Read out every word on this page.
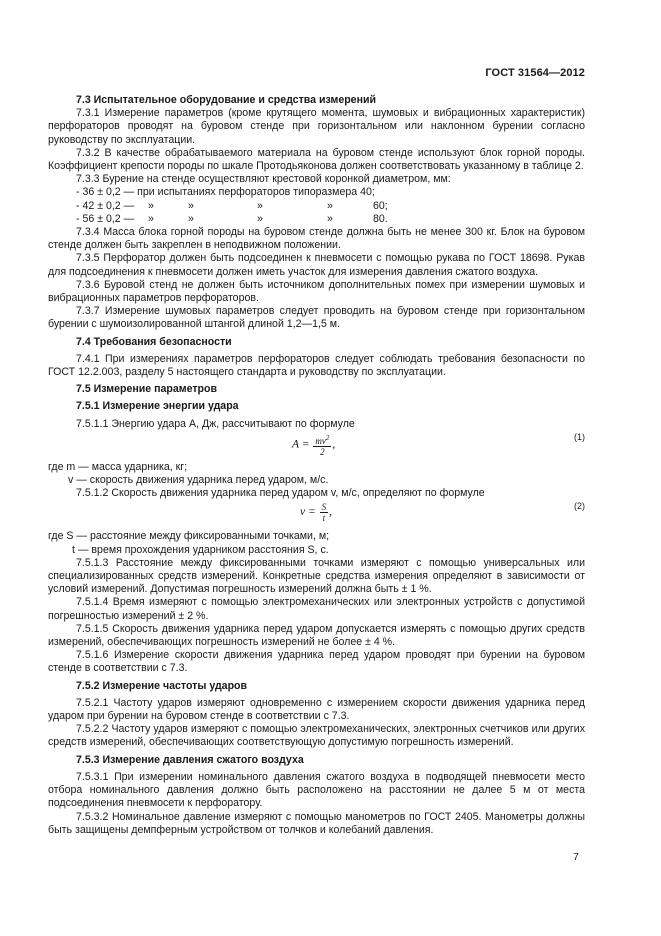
ГОСТ 31564—2012

7.3 Испытательное оборудование и средства измерений

7.3.1 Измерение параметров (кроме крутящего момента, шумовых и вибрационных характеристик) перфораторов проводят на буровом стенде при горизонтальном или наклонном бурении согласно руководству по эксплуатации.

7.3.2 В качестве обрабатываемого материала на буровом стенде используют блок горной породы. Коэффициент крепости породы по шкале Протодьяконова должен соответствовать указанному в таблице 2.

7.3.3 Бурение на стенде осуществляют крестовой коронкой диаметром, мм:

- 36 ± 0,2 — при испытаниях перфораторов типоразмера 40;
- 42 ± 0,2 — »	»	»	»	60;
- 56 ± 0,2 — »	»	»	»	80.

7.3.4 Масса блока горной породы на буровом стенде должна быть не менее 300 кг. Блок на буровом стенде должен быть закреплен в неподвижном положении.

7.3.5 Перфоратор должен быть подсоединен к пневмосети с помощью рукава по ГОСТ 18698. Рукав для подсоединения к пневмосети должен иметь участок для измерения давления сжатого воздуха.

7.3.6 Буровой стенд не должен быть источником дополнительных помех при измерении шумовых и вибрационных параметров перфораторов.

7.3.7 Измерение шумовых параметров следует проводить на буровом стенде при горизонтальном бурении с шумоизолированной штангой длиной 1,2—1,5 м.

7.4 Требования безопасности

7.4.1 При измерениях параметров перфораторов следует соблюдать требования безопасности по ГОСТ 12.2.003, разделу 5 настоящего стандарта и руководству по эксплуатации.

7.5 Измерение параметров

7.5.1 Измерение энергии удара

7.5.1.1 Энергию удара A, Дж, рассчитывают по формуле

$A = \frac{mv^2}{2}$ ,
(1)

где m — масса ударника, кг;

v — скорость движения ударника перед ударом, м/с.

7.5.1.2 Скорость движения ударника перед ударом v, м/с, определяют по формуле

$v = \frac{S}{t}$ ,
(2)

где S — расстояние между фиксированными точками, м;

t — время прохождения ударником расстояния S, с.

7.5.1.3 Расстояние между фиксированными точками измеряют с помощью универсальных или специализированных средств измерений. Конкретные средства измерения определяют в зависимости от условий измерений. Допустимая погрешность измерений должна быть ± 1 %.

7.5.1.4 Время измеряют с помощью электромеханических или электронных устройств с допустимой погрешностью измерений ± 2 %.

7.5.1.5 Скорость движения ударника перед ударом допускается измерять с помощью других средств измерений, обеспечивающих погрешность измерений не более ± 4 %.

7.5.1.6 Измерение скорости движения ударника перед ударом проводят при бурении на буровом стенде в соответствии с 7.3.

7.5.2 Измерение частоты ударов

7.5.2.1 Частоту ударов измеряют одновременно с измерением скорости движения ударника перед ударом при бурении на буровом стенде в соответствии с 7.3.

7.5.2.2 Частоту ударов измеряют с помощью электромеханических, электронных счетчиков или других средств измерений, обеспечивающих соответствующую допустимую погрешность измерений.

7.5.3 Измерение давления сжатого воздуха

7.5.3.1 При измерении номинального давления сжатого воздуха в подводящей пневмосети место отбора номинального давления должно быть расположено на расстоянии не далее 5 м от места подсоединения пневмосети к перфоратору.

7.5.3.2 Номинальное давление измеряют с помощью манометров по ГОСТ 2405. Манометры должны быть защищены демпферным устройством от толчков и колебаний давления.

7
